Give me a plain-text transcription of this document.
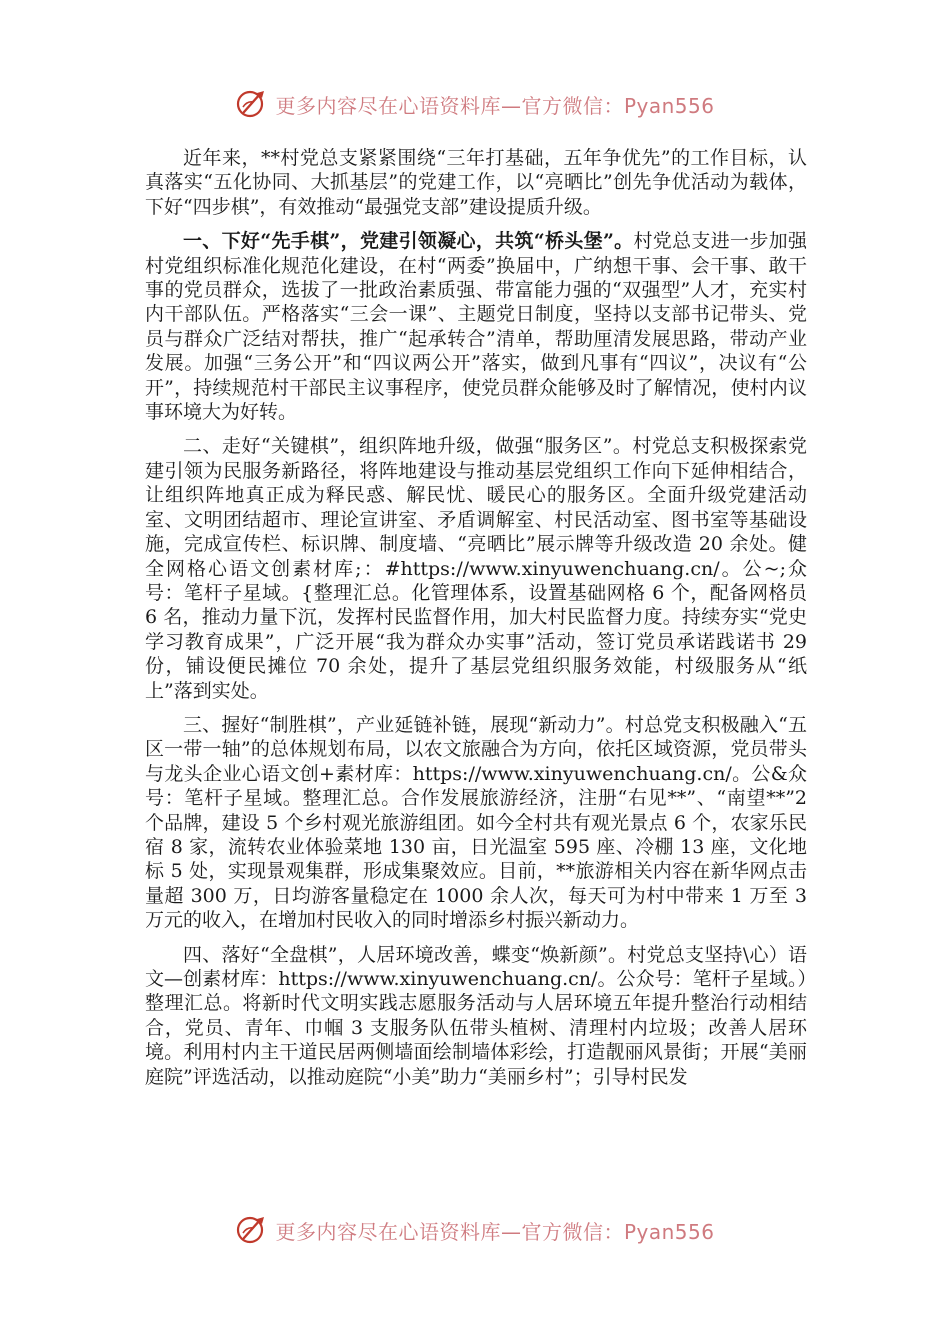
更多内容尽在心语资料库—官方微信：Pyan556

近年来，**村党总支紧紧围绕“三年打基础，五年争优先”的工作目标，认真落实“五化协同、大抓基层”的党建工作，以“亮晒比”创先争优活动为载体，下好“四步棋”，有效推动“最强党支部”建设提质升级。

一、下好“先手棋”，党建引领凝心，共筑“桥头堡”。村党总支进一步加强村党组织标准化规范化建设，在村“两委”换届中，广纳想干事、会干事、敢干事的党员群众，选拔了一批政治素质强、带富能力强的“双强型”人才，充实村内干部队伍。严格落实“三会一课”、主题党日制度，坚持以支部书记带头、党员与群众广泛结对帮扶，推广“起承转合”清单，帮助厘清发展思路，带动产业发展。加强“三务公开”和“四议两公开”落实，做到凡事有“四议”，决议有“公开”，持续规范村干部民主议事程序，使党员群众能够及时了解情况，使村内议事环境大为好转。

二、走好“关键棋”，组织阵地升级，做强“服务区”。村党总支积极探索党建引领为民服务新路径，将阵地建设与推动基层党组织工作向下延伸相结合，让组织阵地真正成为释民惑、解民忧、暖民心的服务区。全面升级党建活动室、文明团结超市、理论宣讲室、矛盾调解室、村民活动室、图书室等基础设施，完成宣传栏、标识牌、制度墙、“亮晒比”展示牌等升级改造 20 余处。健全网格心语文创素材库;：#https://www.xinyuwenchuang.cn/。公~;众号：笔杆子星域。{整理汇总。化管理体系，设置基础网格 6 个，配备网格员 6 名，推动力量下沉，发挥村民监督作用，加大村民监督力度。持续夯实“党史学习教育成果”，广泛开展“我为群众办实事”活动，签订党员承诺践诺书 29 份，铺设便民摊位 70 余处，提升了基层党组织服务效能，村级服务从“纸上”落到实处。

三、握好“制胜棋”，产业延链补链，展现“新动力”。村总党支积极融入“五区一带一轴”的总体规划布局，以农文旅融合为方向，依托区域资源，党员带头与龙头企业心语文创+素材库：https://www.xinyuwenchuang.cn/。公&众号：笔杆子星域。整理汇总。合作发展旅游经济，注册“右见**”、“南望**”2 个品牌，建设 5 个乡村观光旅游组团。如今全村共有观光景点 6 个，农家乐民宿 8 家，流转农业体验菜地 130 亩，日光温室 595 座、冷棚 13 座，文化地标 5 处，实现景观集群，形成集聚效应。目前，**旅游相关内容在新华网点击量超 300 万，日均游客量稳定在 1000 余人次，每天可为村中带来 1 万至 3 万元的收入，在增加村民收入的同时增添乡村振兴新动力。

四、落好“全盘棋”，人居环境改善，蝶变“焕新颜”。村党总支坚持\心）语文—创素材库：https://www.xinyuwenchuang.cn/。公众号：笔杆子星域。）整理汇总。将新时代文明实践志愿服务活动与人居环境五年提升整治行动相结合，党员、青年、巾帼 3 支服务队伍带头植树、清理村内垃圾；改善人居环境。利用村内主干道民居两侧墙面绘制墙体彩绘，打造靓丽风景街；开展“美丽庭院”评选活动，以推动庭院“小美”助力“美丽乡村”；引导村民发

更多内容尽在心语资料库—官方微信：Pyan556
